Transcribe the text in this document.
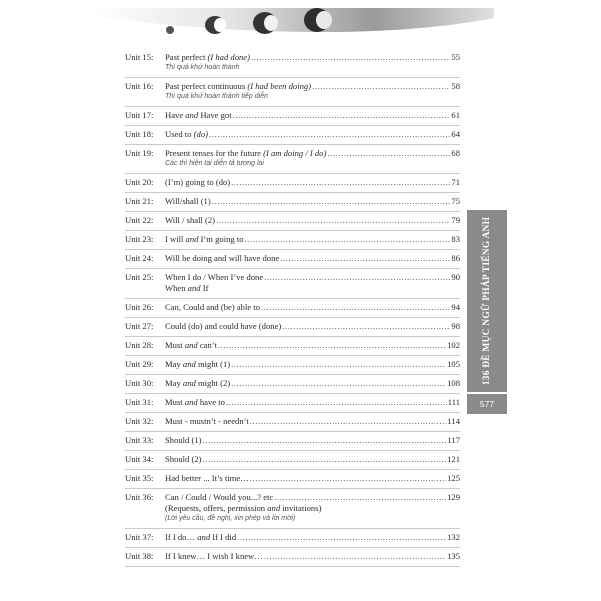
Unit 15:	Past perfect (I had done) .....	55
Thì quá khứ hoàn thành
Unit 16:	Past perfect continuous (I had been doing) .....	58
Thì quá khứ hoàn thành tiếp diễn
Unit 17:	Have and Have got .....	61
Unit 18:	Used to (do) .....	64
Unit 19:	Present tenses for the future (I am doing / I do) .....	68
Các thì hiện tại diễn tả tương lai
Unit 20:	(I’m) going to (do) .....	71
Unit 21:	Will/shall (1) .....	75
Unit 22:	Will / shall (2) .....	79
Unit 23:	I will and I’m going to .....	83
Unit 24:	Will be doing and will have done .....	86
Unit 25:	When I do / When I’ve done .....	90
When and If
Unit 26:	Can, Could and (be) able to .....	94
Unit 27:	Could (do) and could have (done) .....	98
Unit 28:	Must and can’t .....	102
Unit 29:	May and might (1) .....	105
Unit 30:	May and might (2) .....	108
Unit 31:	Must and have to .....	111
Unit 32:	Must - mustn’t - needn’t .....	114
Unit 33:	Should (1) .....	117
Unit 34:	Should (2) .....	121
Unit 35:	Had better ... It’s time… .....	125
Unit 36:	Can / Could / Would you...? etc .....	129
(Requests, offers, permission and invitations)
(Lời yêu cầu, đề nghị, xin phép và lời mời)
Unit 37:	If I do… and If I did .....	132
Unit 38:	If I knew… I wish I knew… .....	135
136 ĐỀ MỤC NGỮ PHÁP TIẾNG ANH
577
